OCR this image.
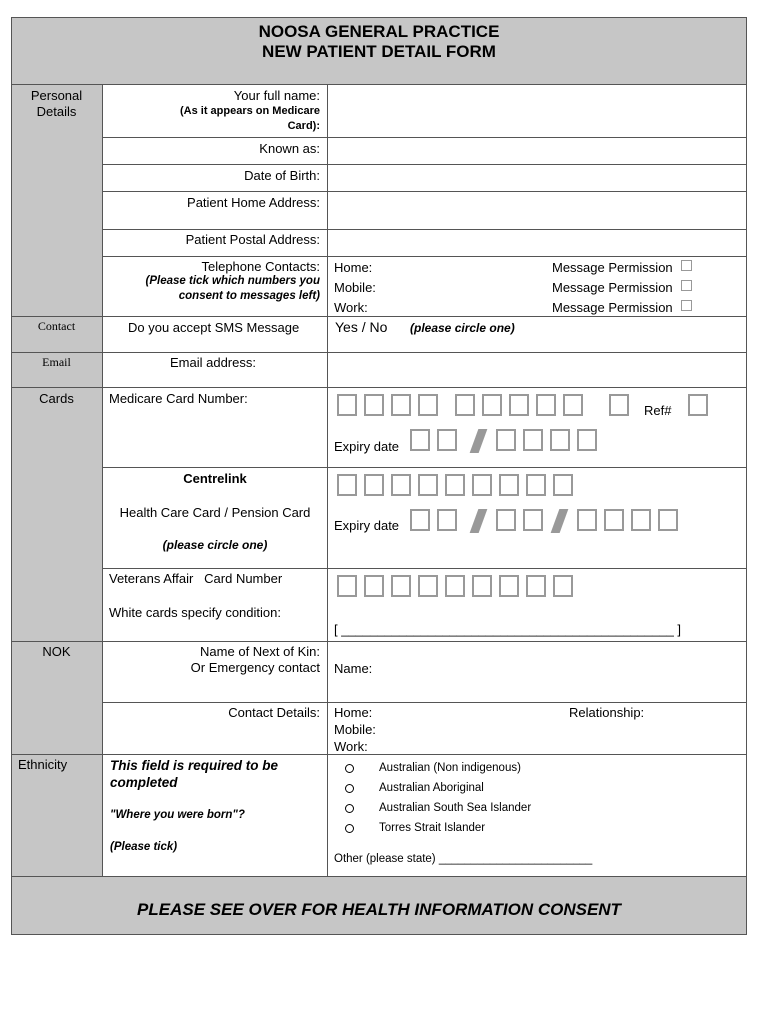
NOOSA GENERAL PRACTICE
NEW PATIENT DETAIL FORM
Personal
Details
Contact
Email
Cards
NOK
Ethnicity
Your full name:
(As it appears on Medicare
Card):
Known as:
Date of Birth:
Patient Home Address:
Patient Postal Address:
Telephone Contacts:
(Please tick which numbers you
consent to messages left)
Home:
Mobile:
Work:
Message Permission
Message Permission
Message Permission
Do you accept SMS Message	Yes / No (please circle one)
Email address:
Medicare Card Number:
Ref#
Expiry date
Centrelink
Health Care Card / Pension Card
(please circle one)
Expiry date
Veterans Affair   Card Number
White cards specify condition:
[ ______________________________________________ ]
Name of Next of Kin:
Or Emergency contact Name:
Contact Details: Home:
Mobile:
Work:
Relationship:
This field is required to be
completed
"Where you were born"?
(Please tick)
Australian (Non indigenous)
Australian Aboriginal
Australian South Sea Islander
Torres Strait Islander
Other (please state) ________________________
PLEASE SEE OVER FOR HEALTH INFORMATION CONSENT
